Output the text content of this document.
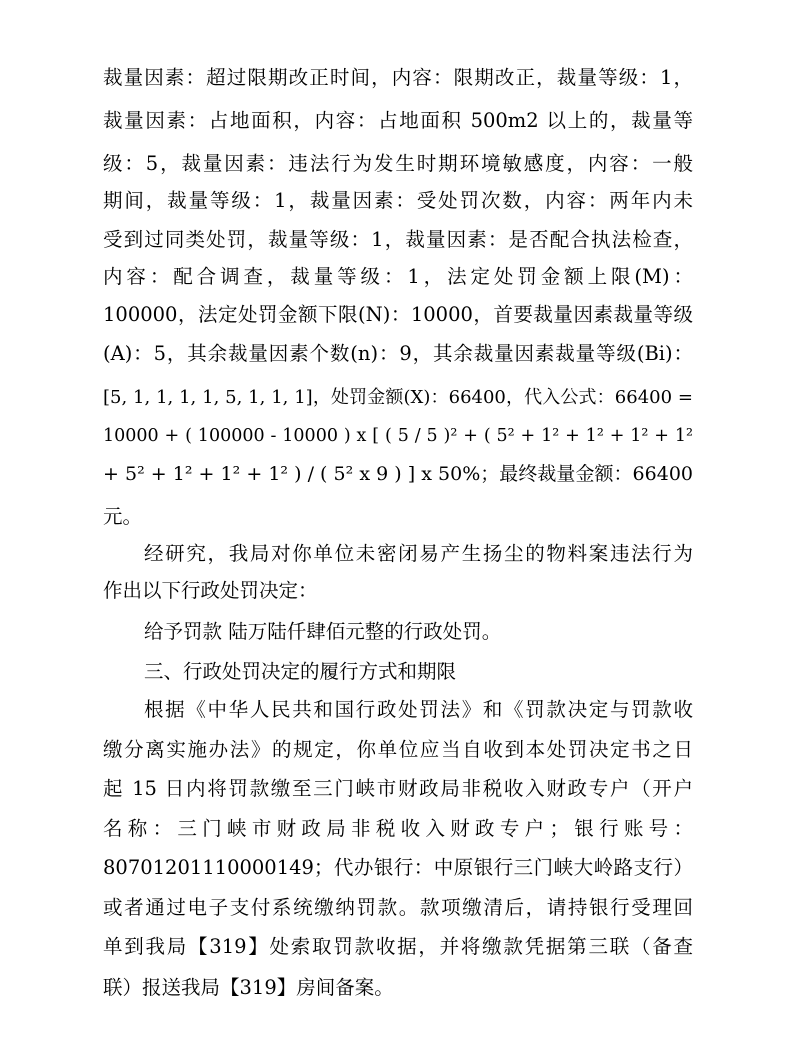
裁量因素：超过限期改正时间，内容：限期改正，裁量等级：1，
裁量因素：占地面积，内容：占地面积 500m2 以上的，裁量等
级：5，裁量因素：违法行为发生时期环境敏感度，内容：一般
期间，裁量等级：1，裁量因素：受处罚次数，内容：两年内未
受到过同类处罚，裁量等级：1，裁量因素：是否配合执法检查，
内容：配合调查，裁量等级：1，法定处罚金额上限(M)：
100000，法定处罚金额下限(N)：10000，首要裁量因素裁量等级
(A)：5，其余裁量因素个数(n)：9，其余裁量因素裁量等级(Bi)：
[5, 1, 1, 1, 1, 5, 1, 1, 1]，处罚金额(X)：66400，代入公式：66400 =
10000 + ( 100000 - 10000 ) x [ ( 5 / 5 )² + ( 5² + 1² + 1² + 1² + 1²
+ 5² + 1² + 1² + 1² ) / ( 5² x 9 ) ] x 50%；最终裁量金额：66400
元。
经研究，我局对你单位未密闭易产生扬尘的物料案违法行为
作出以下行政处罚决定：
给予罚款 陆万陆仟肆佰元整的行政处罚。
三、行政处罚决定的履行方式和期限
根据《中华人民共和国行政处罚法》和《罚款决定与罚款收
缴分离实施办法》的规定，你单位应当自收到本处罚决定书之日
起 15 日内将罚款缴至三门峡市财政局非税收入财政专户（开户
名称：三门峡市财政局非税收入财政专户；银行账号：
80701201110000149；代办银行：中原银行三门峡大岭路支行）
或者通过电子支付系统缴纳罚款。款项缴清后，请持银行受理回
单到我局【319】处索取罚款收据，并将缴款凭据第三联（备查
联）报送我局【319】房间备案。
